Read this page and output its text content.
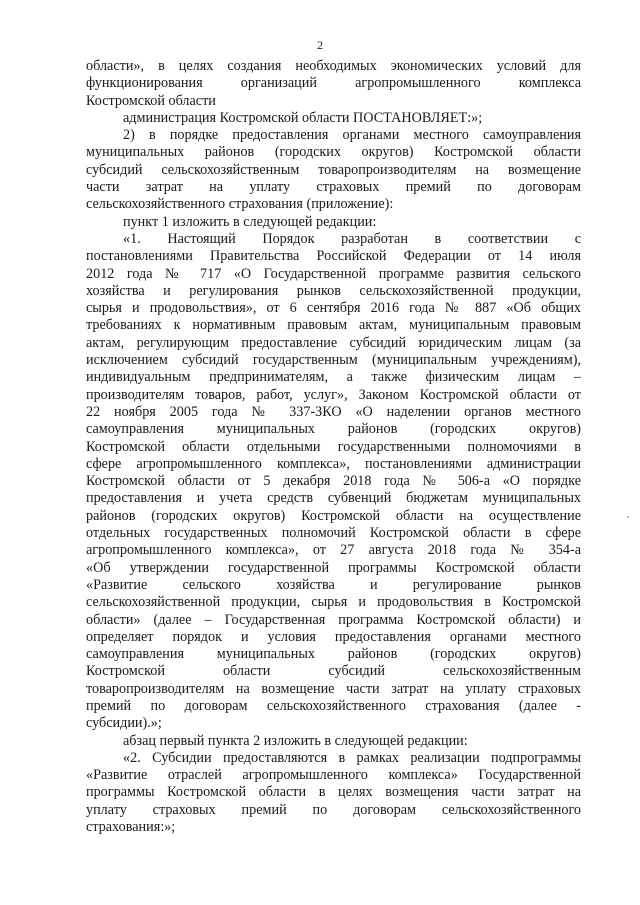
2
области», в целях создания необходимых экономических условий для
функционирования организаций агропромышленного комплекса
Костромской области
администрация Костромской области ПОСТАНОВЛЯЕТ:»;
2) в порядке предоставления органами местного самоуправления
муниципальных районов (городских округов) Костромской области
субсидий сельскохозяйственным товаропроизводителям на возмещение
части затрат на уплату страховых премий по договорам
сельскохозяйственного страхования (приложение):
пункт 1 изложить в следующей редакции:
«1. Настоящий Порядок разработан в соответствии с
постановлениями Правительства Российской Федерации от 14 июля
2012 года № 717 «О Государственной программе развития сельского
хозяйства и регулирования рынков сельскохозяйственной продукции,
сырья и продовольствия», от 6 сентября 2016 года № 887 «Об общих
требованиях к нормативным правовым актам, муниципальным правовым
актам, регулирующим предоставление субсидий юридическим лицам (за
исключением субсидий государственным (муниципальным учреждениям),
индивидуальным предпринимателям, а также физическим лицам –
производителям товаров, работ, услуг», Законом Костромской области от
22 ноября 2005 года № 337-ЗКО «О наделении органов местного
самоуправления муниципальных районов (городских округов)
Костромской области отдельными государственными полномочиями в
сфере агропромышленного комплекса», постановлениями администрации
Костромской области от 5 декабря 2018 года № 506-а «О порядке
предоставления и учета средств субвенций бюджетам муниципальных
районов (городских округов) Костромской области на осуществление
отдельных государственных полномочий Костромской области в сфере
агропромышленного комплекса», от 27 августа 2018 года № 354-а
«Об утверждении государственной программы Костромской области
«Развитие сельского хозяйства и регулирование рынков
сельскохозяйственной продукции, сырья и продовольствия в Костромской
области» (далее – Государственная программа Костромской области) и
определяет порядок и условия предоставления органами местного
самоуправления муниципальных районов (городских округов)
Костромской области субсидий сельскохозяйственным
товаропроизводителям на возмещение части затрат на уплату страховых
премий по договорам сельскохозяйственного страхования (далее -
субсидии).»;
абзац первый пункта 2 изложить в следующей редакции:
«2. Субсидии предоставляются в рамках реализации подпрограммы
«Развитие отраслей агропромышленного комплекса» Государственной
программы Костромской области в целях возмещения части затрат на
уплату страховых премий по договорам сельскохозяйственного
страхования:»;
